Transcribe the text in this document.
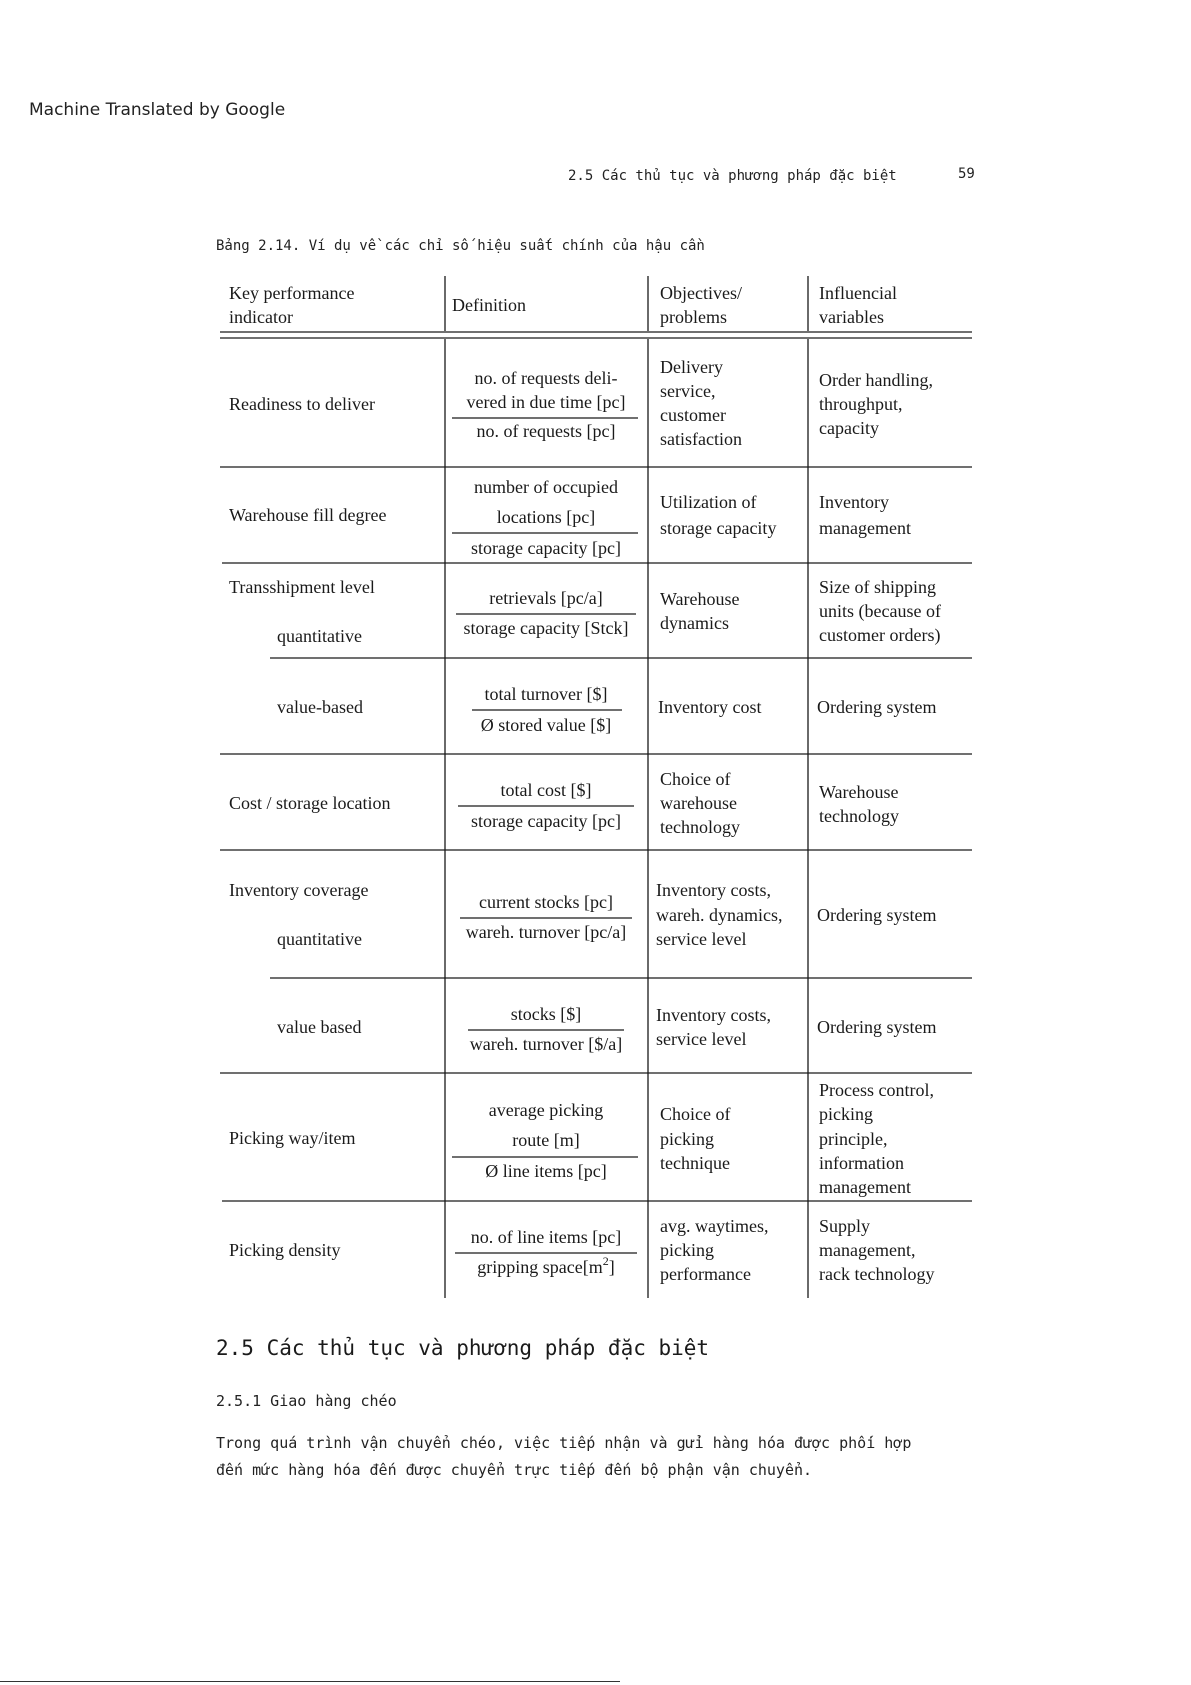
Machine Translated by Google
2.5 Các thủ tục và phương pháp đặc biệt	59
Bảng 2.14. Ví dụ về các chỉ số hiệu suất chính của hậu cần
Key performance
indicator
Definition
Objectives/
problems
Influencial
variables
Readiness to deliver
no. of requests deli-
vered in due time [pc]
no. of requests [pc]
Delivery
service,
customer
satisfaction
Order handling,
throughput,
capacity
Warehouse fill degree
number of occupied
locations [pc]
storage capacity [pc]
Utilization of
storage capacity
Inventory
management
Transshipment level
quantitative
retrievals [pc/a]
storage capacity [Stck]
Warehouse
dynamics
Size of shipping
units (because of
customer orders)
value-based
total turnover [$]
Ø stored value [$]
Inventory cost	Ordering system
Cost / storage location
total cost [$]
storage capacity [pc]
Choice of
warehouse
technology
Warehouse
technology
Inventory coverage
quantitative
current stocks [pc]
wareh. turnover [pc/a]
Inventory costs,
wareh. dynamics,
service level
Ordering system
value based
stocks [$]
wareh. turnover [$/a]
Inventory costs,
service level
Ordering system
Picking way/item
average picking
route [m]
Ø line items [pc]
Choice of
picking
technique
Process control,
picking
principle,
information
management
Picking density
no. of line items [pc]
gripping $space[m^2]$
avg. waytimes,
picking
performance
Supply
management,
rack technology
2.5 Các thủ tục và phương pháp đặc biệt
2.5.1 Giao hàng chéo
Trong quá trình vận chuyển chéo, việc tiếp nhận và gửi hàng hóa được phối hợp
đến mức hàng hóa đến được chuyển trực tiếp đến bộ phận vận chuyển.
